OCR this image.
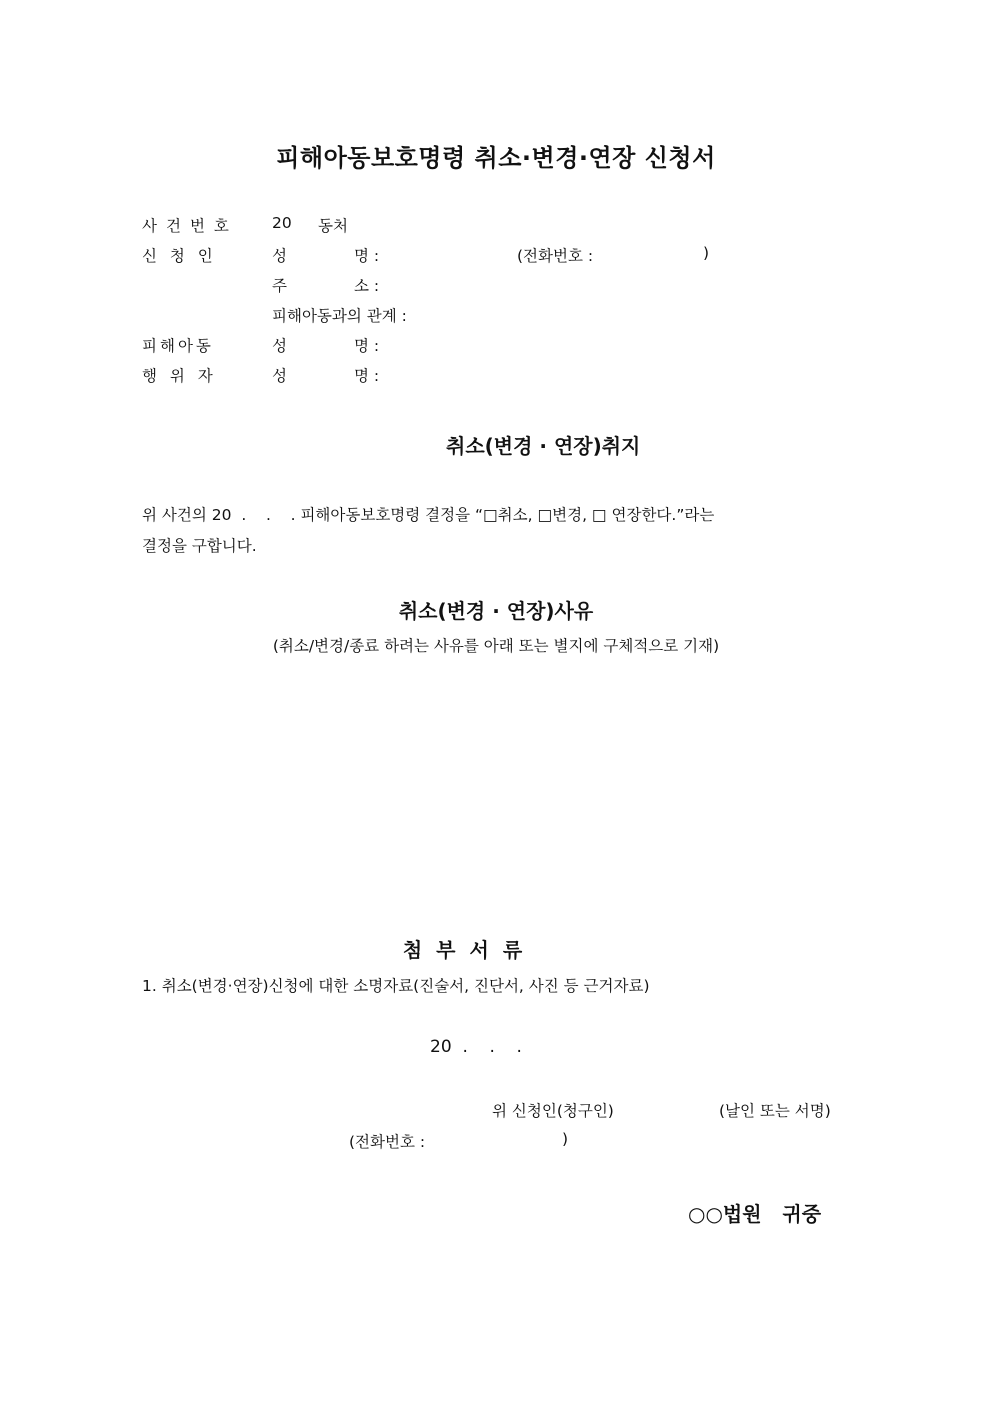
피해아동보호명령 취소·변경·연장 신청서
사건번호 20 동처
신 청 인	성	명 :	(전화번호 :	)
주	소 :
피해아동과의 관계 :
피해아동	성	명 :
행 위 자	성	명 :
취소(변경 · 연장)취지
위 사건의 20  .    .    . 피해아동보호명령 결정을 “□취소, □변경, □ 연장한다.”라는
결정을 구합니다.
취소(변경 · 연장)사유
(취소/변경/종료 하려는 사유를 아래 또는 별지에 구체적으로 기재)
첨부서류
1. 취소(변경·연장)신청에 대한 소명자료(진술서, 진단서, 사진 등 근거자료)
20  .    .    .
위 신청인(청구인)	(날인 또는 서명)
(전화번호 :	)
○○법원   귀중
